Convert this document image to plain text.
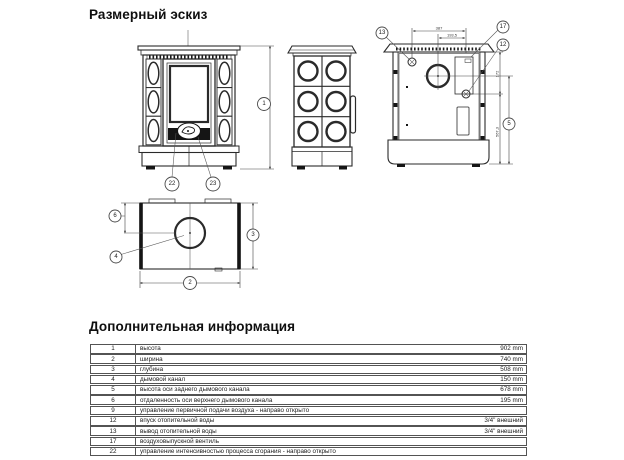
Размерный эскиз
1
22	23
387
193,5
172
567,3
5
13
17
12
6
4
3
2
Дополнительная информация
1	высота	902 mm
2	ширина	740 mm
3	глубина	508 mm
4	дымовой канал	150 mm
5	высота оси заднего дымового канала	678 mm
6	отдаленность оси верхнего дымового канала	195 mm
9	управление первичной подачи воздуха - направо открыто
12	впуск отопительной воды	3/4" внешний
13	вывод отопительной воды	3/4" внешний
17	воздуховыпускной вентиль
22	управление интенсивностью процесса сгорания - направо открыто
